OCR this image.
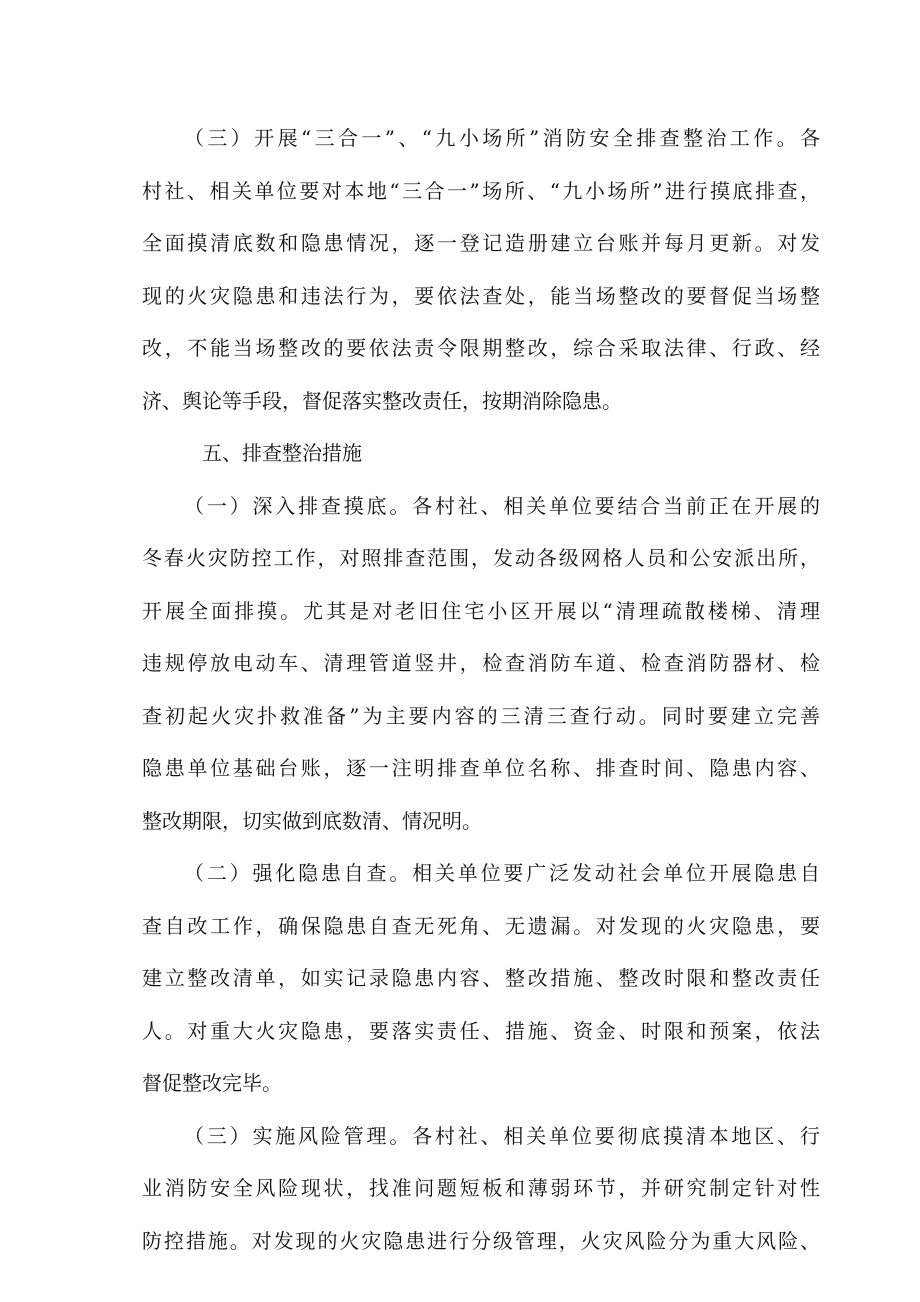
（三）开展“三合一”、“九小场所”消防安全排查整治工作。各
村社、相关单位要对本地“三合一”场所、“九小场所”进行摸底排查，
全面摸清底数和隐患情况，逐一登记造册建立台账并每月更新。对发
现的火灾隐患和违法行为，要依法查处，能当场整改的要督促当场整
改，不能当场整改的要依法责令限期整改，综合采取法律、行政、经
济、舆论等手段，督促落实整改责任，按期消除隐患。
五、排查整治措施
（一）深入排查摸底。各村社、相关单位要结合当前正在开展的
冬春火灾防控工作，对照排查范围，发动各级网格人员和公安派出所，
开展全面排摸。尤其是对老旧住宅小区开展以“清理疏散楼梯、清理
违规停放电动车、清理管道竖井，检查消防车道、检查消防器材、检
查初起火灾扑救准备”为主要内容的三清三查行动。同时要建立完善
隐患单位基础台账，逐一注明排查单位名称、排查时间、隐患内容、
整改期限，切实做到底数清、情况明。
（二）强化隐患自查。相关单位要广泛发动社会单位开展隐患自
查自改工作，确保隐患自查无死角、无遗漏。对发现的火灾隐患，要
建立整改清单，如实记录隐患内容、整改措施、整改时限和整改责任
人。对重大火灾隐患，要落实责任、措施、资金、时限和预案，依法
督促整改完毕。
（三）实施风险管理。各村社、相关单位要彻底摸清本地区、行
业消防安全风险现状，找准问题短板和薄弱环节，并研究制定针对性
防控措施。对发现的火灾隐患进行分级管理，火灾风险分为重大风险、
